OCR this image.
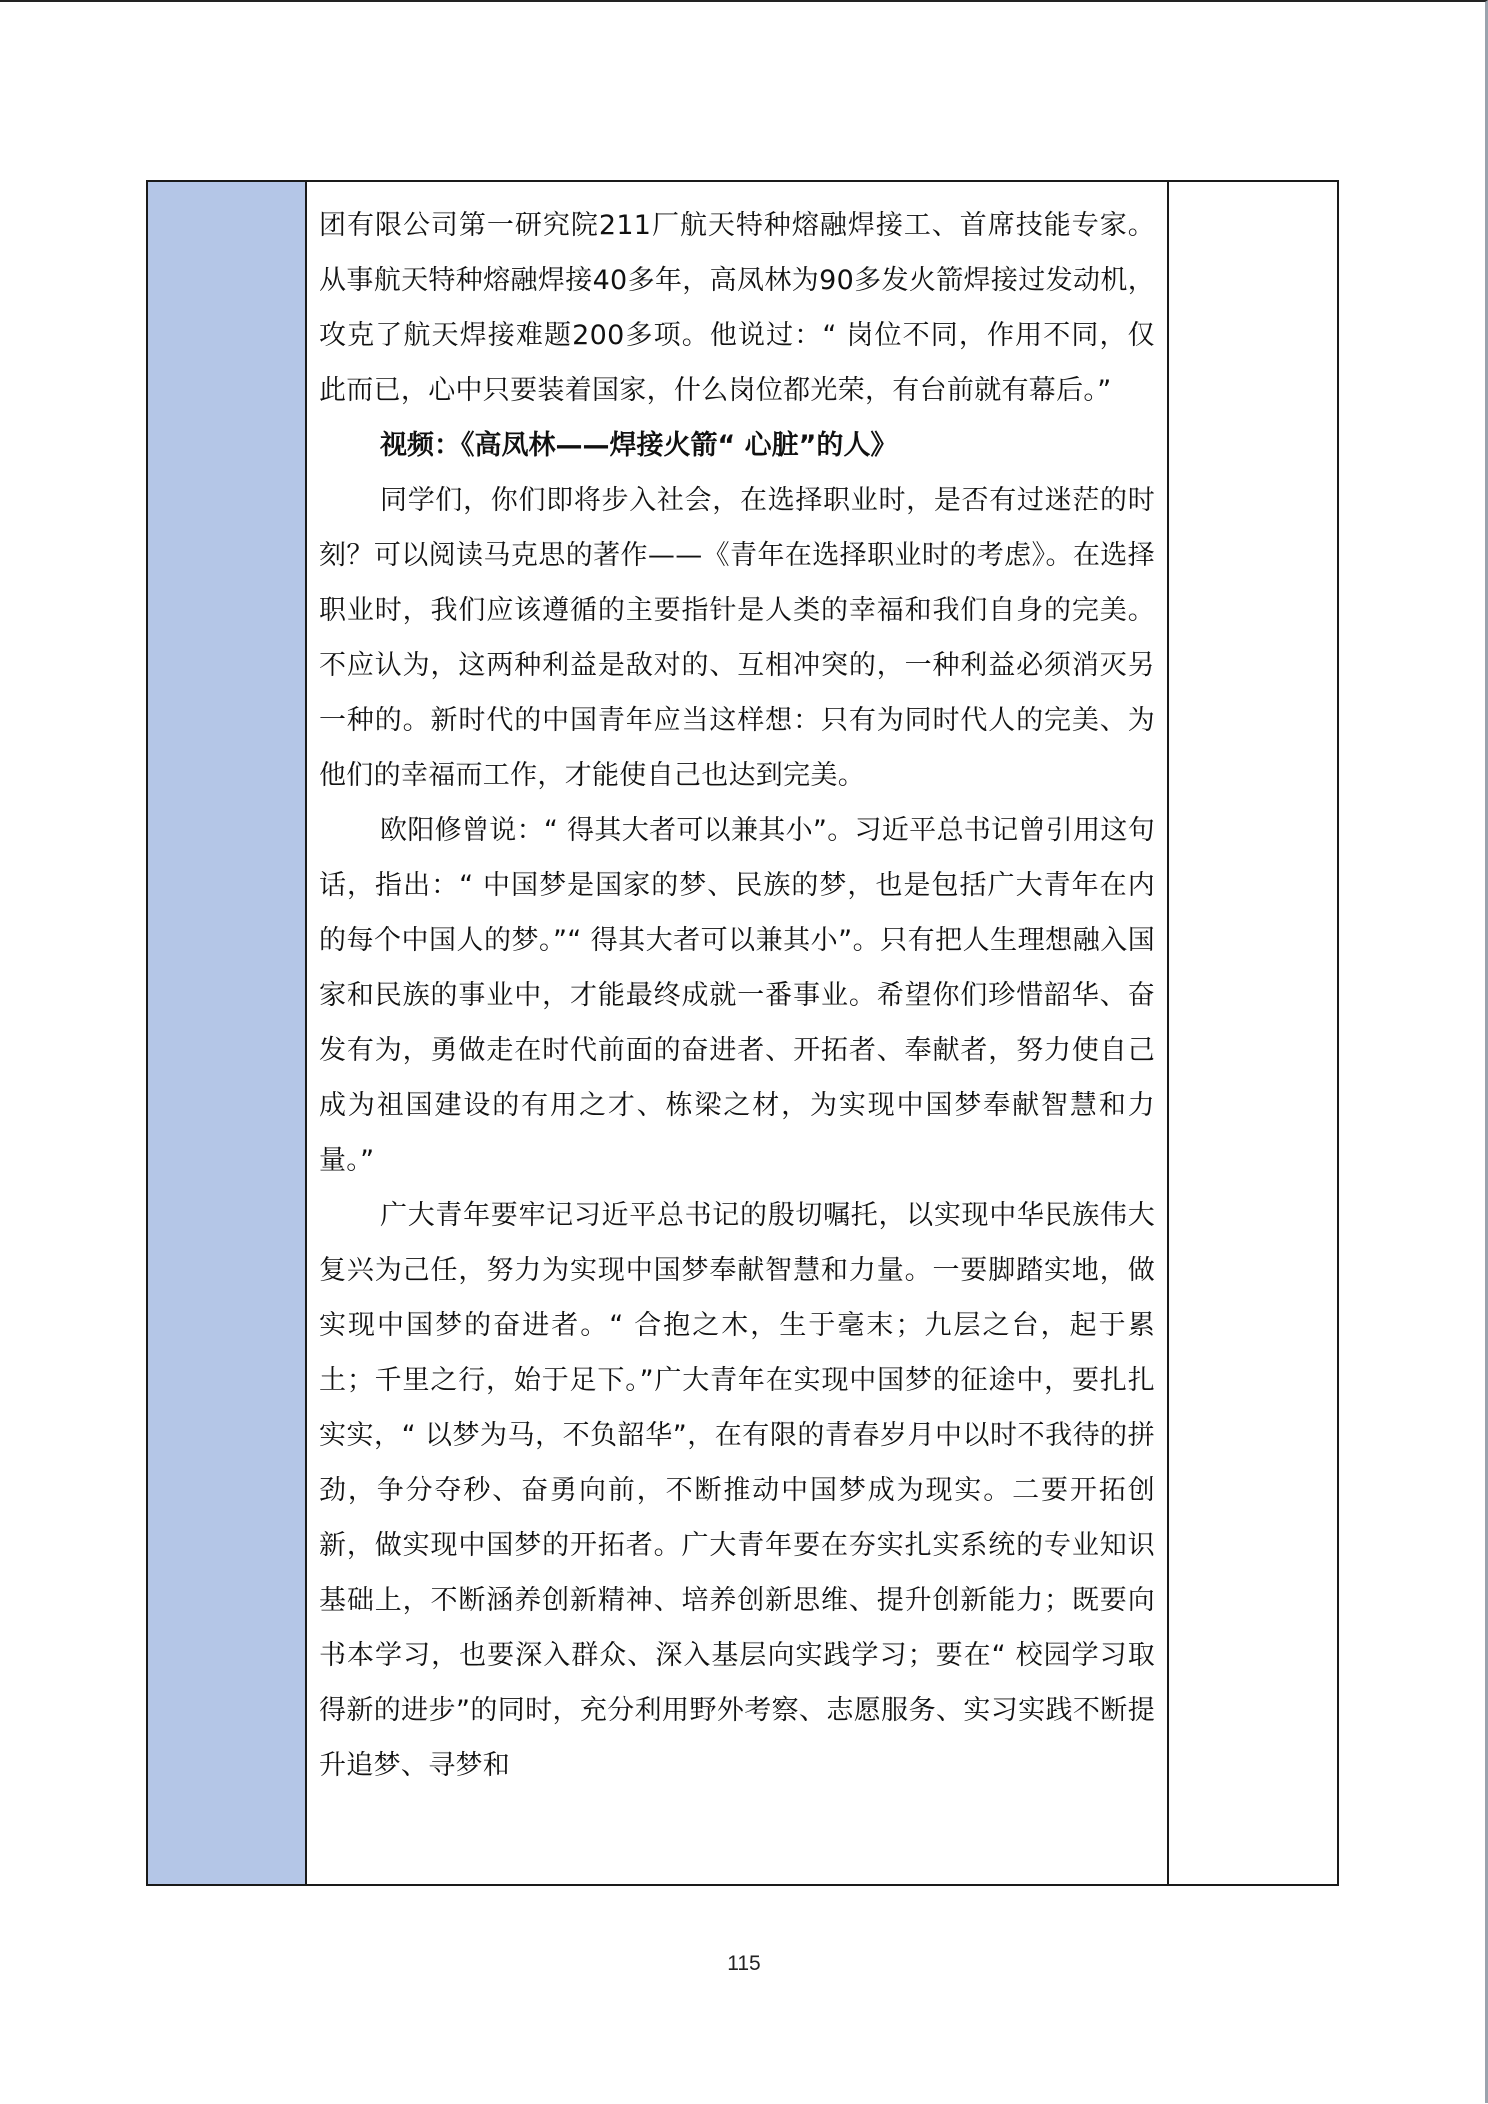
团有限公司第一研究院211厂航天特种熔融焊接工、首席技能专家。从事航天特种熔融焊接40多年，高凤林为90多发火箭焊接过发动机，攻克了航天焊接难题200多项。他说过：“ 岗位不同，作用不同，仅此而已，心中只要装着国家，什么岗位都光荣，有台前就有幕后。”

视频：《高凤林——焊接火箭“ 心脏”的人》

同学们，你们即将步入社会，在选择职业时，是否有过迷茫的时刻？可以阅读马克思的著作——《青年在选择职业时的考虑》。在选择职业时，我们应该遵循的主要指针是人类的幸福和我们自身的完美。不应认为，这两种利益是敌对的、互相冲突的，一种利益必须消灭另一种的。新时代的中国青年应当这样想：只有为同时代人的完美、为他们的幸福而工作，才能使自己也达到完美。

欧阳修曾说：“ 得其大者可以兼其小”。习近平总书记曾引用这句话，指出：“ 中国梦是国家的梦、民族的梦，也是包括广大青年在内的每个中国人的梦。”“ 得其大者可以兼其小”。只有把人生理想融入国家和民族的事业中，才能最终成就一番事业。希望你们珍惜韶华、奋发有为，勇做走在时代前面的奋进者、开拓者、奉献者，努力使自己成为祖国建设的有用之才、栋梁之材，为实现中国梦奉献智慧和力量。”

广大青年要牢记习近平总书记的殷切嘱托，以实现中华民族伟大复兴为己任，努力为实现中国梦奉献智慧和力量。一要脚踏实地，做实现中国梦的奋进者。“ 合抱之木，生于毫末；九层之台，起于累土；千里之行，始于足下。”广大青年在实现中国梦的征途中，要扎扎实实，“ 以梦为马，不负韶华”，在有限的青春岁月中以时不我待的拼劲，争分夺秒、奋勇向前，不断推动中国梦成为现实。二要开拓创新，做实现中国梦的开拓者。广大青年要在夯实扎实系统的专业知识基础上，不断涵养创新精神、培养创新思维、提升创新能力；既要向书本学习，也要深入群众、深入基层向实践学习；要在“ 校园学习取得新的进步”的同时，充分利用野外考察、志愿服务、实习实践不断提升追梦、寻梦和

115
